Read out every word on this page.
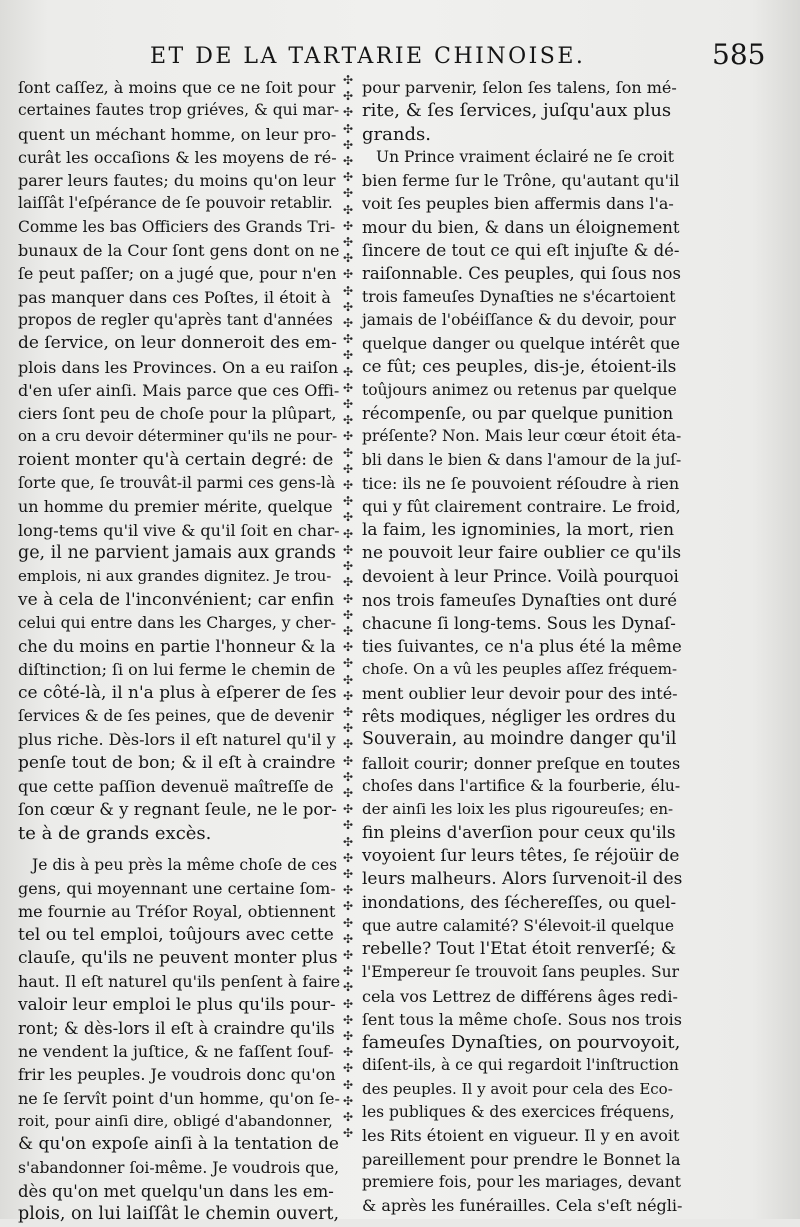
ET DE LA TARTARIE CHINOISE.	585
ſont caſſez, à moins que ce ne ſoit pour
certaines fautes trop griéves, & qui mar-
quent un méchant homme, on leur pro-
curât les occaſions & les moyens de ré-
parer leurs fautes; du moins qu'on leur
laiſſât l'eſpérance de ſe pouvoir retablir.
Comme les bas Officiers des Grands Tri-
bunaux de la Cour ſont gens dont on ne
ſe peut paſſer; on a jugé que, pour n'en
pas manquer dans ces Poſtes, il étoit à
propos de regler qu'après tant d'années
de ſervice, on leur donneroit des em-
plois dans les Provinces. On a eu raiſon
d'en uſer ainſi. Mais parce que ces Offi-
ciers ſont peu de choſe pour la plûpart,
on a cru devoir déterminer qu'ils ne pour-
roient monter qu'à certain degré: de
ſorte que, ſe trouvât-il parmi ces gens-là
un homme du premier mérite, quelque
long-tems qu'il vive & qu'il ſoit en char-
ge, il ne parvient jamais aux grands
emplois, ni aux grandes dignitez. Je trou-
ve à cela de l'inconvénient; car enfin
celui qui entre dans les Charges, y cher-
che du moins en partie l'honneur & la
diſtinction; ſi on lui ferme le chemin de
ce côté-là, il n'a plus à eſperer de ſes
ſervices & de ſes peines, que de devenir
plus riche. Dès-lors il eſt naturel qu'il y
penſe tout de bon; & il eſt à craindre
que cette paſſion devenuë maîtreſſe de
ſon cœur & y regnant ſeule, ne le por-
te à de grands excès.
Je dis à peu près la même choſe de ces
gens, qui moyennant une certaine ſom-
me fournie au Tréſor Royal, obtiennent
tel ou tel emploi, toûjours avec cette
clauſe, qu'ils ne peuvent monter plus
haut. Il eſt naturel qu'ils penſent à faire
valoir leur emploi le plus qu'ils pour-
ront; & dès-lors il eſt à craindre qu'ils
ne vendent la juſtice, & ne faſſent ſouf-
frir les peuples. Je voudrois donc qu'on
ne ſe ſervît point d'un homme, qu'on ſe-
roit, pour ainſi dire, obligé d'abandonner,
& qu'on expoſe ainſi à la tentation de
s'abandonner ſoi-même. Je voudrois que,
dès qu'on met quelqu'un dans les em-
plois, on lui laiſſât le chemin ouvert,
✣
✣
✣
✣
✣
✣
✣
✣
✣
✣
✣
✣
✣
✣
✣
✣
✣
✣
✣
✣
✣
✣
✣
✣
✣
✣
✣
✣
✣
✣
✣
✣
✣
✣
✣
✣
✣
✣
✣
✣
✣
✣
✣
✣
✣
✣
✣
✣
✣
✣
✣
✣
✣
✣
✣
✣
✣
✣
✣
✣
✣
✣
✣
✣
✣
✣
pour parvenir, ſelon ſes talens, ſon mé-
rite, & ſes ſervices, juſqu'aux plus
grands.
Un Prince vraiment éclairé ne ſe croit
bien ferme ſur le Trône, qu'autant qu'il
voit ſes peuples bien affermis dans l'a-
mour du bien, & dans un éloignement
ſincere de tout ce qui eſt injuſte & dé-
raiſonnable. Ces peuples, qui ſous nos
trois fameuſes Dynaſties ne s'écartoient
jamais de l'obéiſſance & du devoir, pour
quelque danger ou quelque intérêt que
ce fût; ces peuples, dis-je, étoient-ils
toûjours animez ou retenus par quelque
récompenſe, ou par quelque punition
préſente? Non. Mais leur cœur étoit éta-
bli dans le bien & dans l'amour de la juſ-
tice: ils ne ſe pouvoient réſoudre à rien
qui y fût clairement contraire. Le froid,
la faim, les ignominies, la mort, rien
ne pouvoit leur faire oublier ce qu'ils
devoient à leur Prince. Voilà pourquoi
nos trois fameuſes Dynaſties ont duré
chacune ſi long-tems. Sous les Dynaſ-
ties ſuivantes, ce n'a plus été la même
choſe. On a vû les peuples aſſez fréquem-
ment oublier leur devoir pour des inté-
rêts modiques, négliger les ordres du
Souverain, au moindre danger qu'il
falloit courir; donner preſque en toutes
choſes dans l'artifice & la fourberie, élu-
der ainſi les loix les plus rigoureuſes; en-
fin pleins d'averſion pour ceux qu'ils
voyoient ſur leurs têtes, ſe réjoüir de
leurs malheurs. Alors ſurvenoit-il des
inondations, des ſécherеſſes, ou quel-
que autre calamité? S'élevoit-il quelque
rebelle? Tout l'Etat étoit renverſé; &
l'Empereur ſe trouvoit ſans peuples. Sur
cela vos Lettrez de différens âges redi-
ſent tous la même choſe. Sous nos trois
fameuſes Dynaſties, on pourvoyoit,
diſent-ils, à ce qui regardoit l'inſtruction
des peuples. Il y avoit pour cela des Eco-
les publiques & des exercices fréquens,
les Rits étoient en vigueur. Il y en avoit
pareillement pour prendre le Bonnet la
premiere fois, pour les mariages, devant
& après les funérailles. Cela s'eſt négli-
